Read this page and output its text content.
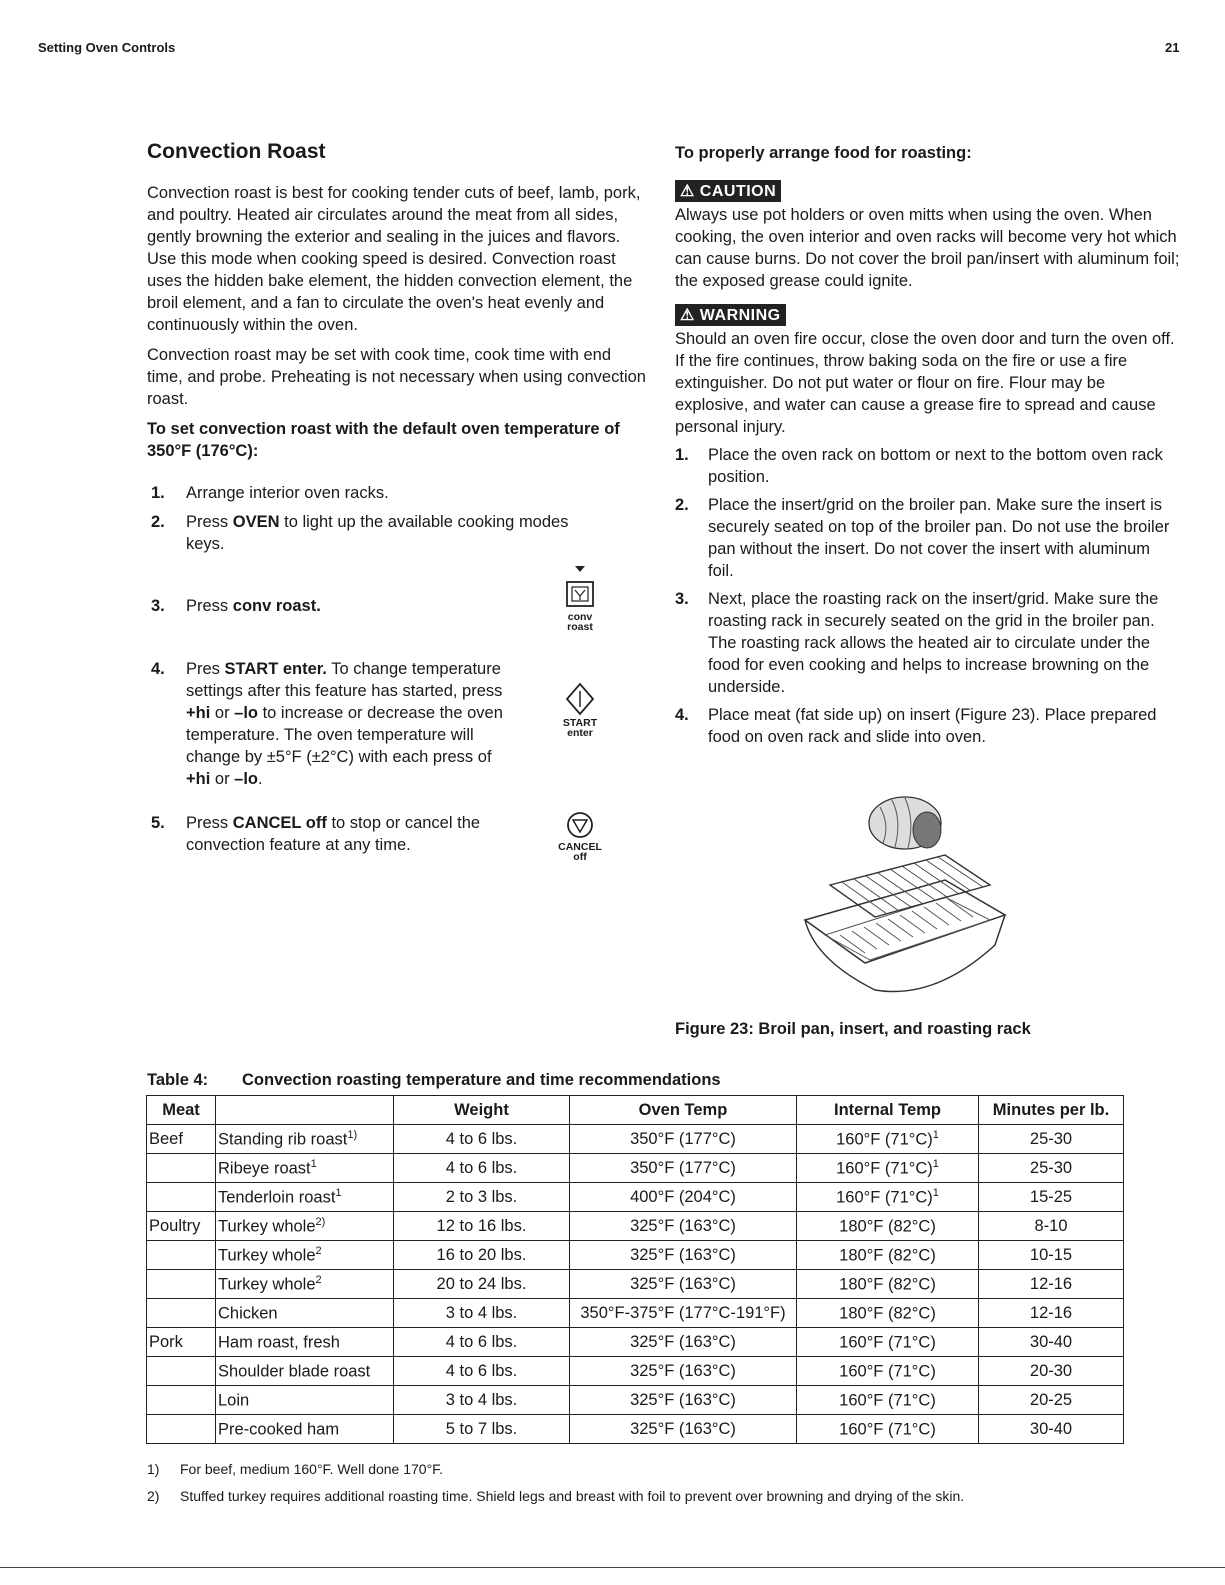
Setting Oven Controls	21
Convection Roast

Convection roast is best for cooking tender cuts of beef, lamb, pork, and poultry. Heated air circulates around the meat from all sides, gently browning the exterior and sealing in the juices and flavors. Use this mode when cooking speed is desired. Convection roast uses the hidden bake element, the hidden convection element, the broil element, and a fan to circulate the oven's heat evenly and continuously within the oven.

Convection roast may be set with cook time, cook time with end time, and probe. Preheating is not necessary when using convection roast.

To set convection roast with the default oven temperature of 350°F (176°C):

1. Arrange interior oven racks.
2. Press OVEN to light up the available cooking modes keys.
3. Press conv roast.
4. Pres START enter. To change temperature settings after this feature has started, press +hi or –lo to increase or decrease the oven temperature. The oven temperature will change by ±5°F (±2°C) with each press of +hi or –lo.
5. Press CANCEL off to stop or cancel the convection feature at any time.
conv
roast
START
enter
CANCEL
off

To properly arrange food for roasting:

⚠ CAUTION

Always use pot holders or oven mitts when using the oven. When cooking, the oven interior and oven racks will become very hot which can cause burns. Do not cover the broil pan/insert with aluminum foil; the exposed grease could ignite.

⚠ WARNING

Should an oven fire occur, close the oven door and turn the oven off. If the fire continues, throw baking soda on the fire or use a fire extinguisher. Do not put water or flour on fire. Flour may be explosive, and water can cause a grease fire to spread and cause personal injury.

1. Place the oven rack on bottom or next to the bottom oven rack position.
2. Place the insert/grid on the broiler pan. Make sure the insert is securely seated on top of the broiler pan. Do not use the broiler pan without the insert. Do not cover the insert with aluminum foil.
3. Next, place the roasting rack on the insert/grid. Make sure the roasting rack in securely seated on the grid in the broiler pan. The roasting rack allows the heated air to circulate under the food for even cooking and helps to increase browning on the underside.
4. Place meat (fat side up) on insert (Figure 23). Place prepared food on oven rack and slide into oven.
Figure 23: Broil pan, insert, and roasting rack
Table 4: Convection roasting temperature and time recommendations
Meat		Weight	Oven Temp	Internal Temp	Minutes per lb.
Beef	Standing rib roast$^{1)}$	4 to 6 lbs.	350°F (177°C)	160°F $(71^\circ C)^1$	25-30
	Ribeye roast$^1$	4 to 6 lbs.	350°F (177°C)	160°F $(71^\circ C)^1$	25-30
	Tenderloin roast$^1$	2 to 3 lbs.	400°F (204°C)	160°F $(71^\circ C)^1$	15-25
Poultry	Turkey whole$^{2)}$	12 to 16 lbs.	325°F (163°C)	180°F (82°C)	8-10
	Turkey whole$^2$	16 to 20 lbs.	325°F (163°C)	180°F (82°C)	10-15
	Turkey whole$^2$	20 to 24 lbs.	325°F (163°C)	180°F (82°C)	12-16
	Chicken	3 to 4 lbs.	350°F-375°F (177°C-191°F)	180°F (82°C)	12-16
Pork	Ham roast, fresh	4 to 6 lbs.	325°F (163°C)	160°F (71°C)	30-40
	Shoulder blade roast	4 to 6 lbs.	325°F (163°C)	160°F (71°C)	20-30
	Loin	3 to 4 lbs.	325°F (163°C)	160°F (71°C)	20-25
	Pre-cooked ham	5 to 7 lbs.	325°F (163°C)	160°F (71°C)	30-40
1) For beef, medium 160°F. Well done 170°F.
2) Stuffed turkey requires additional roasting time. Shield legs and breast with foil to prevent over browning and drying of the skin.
